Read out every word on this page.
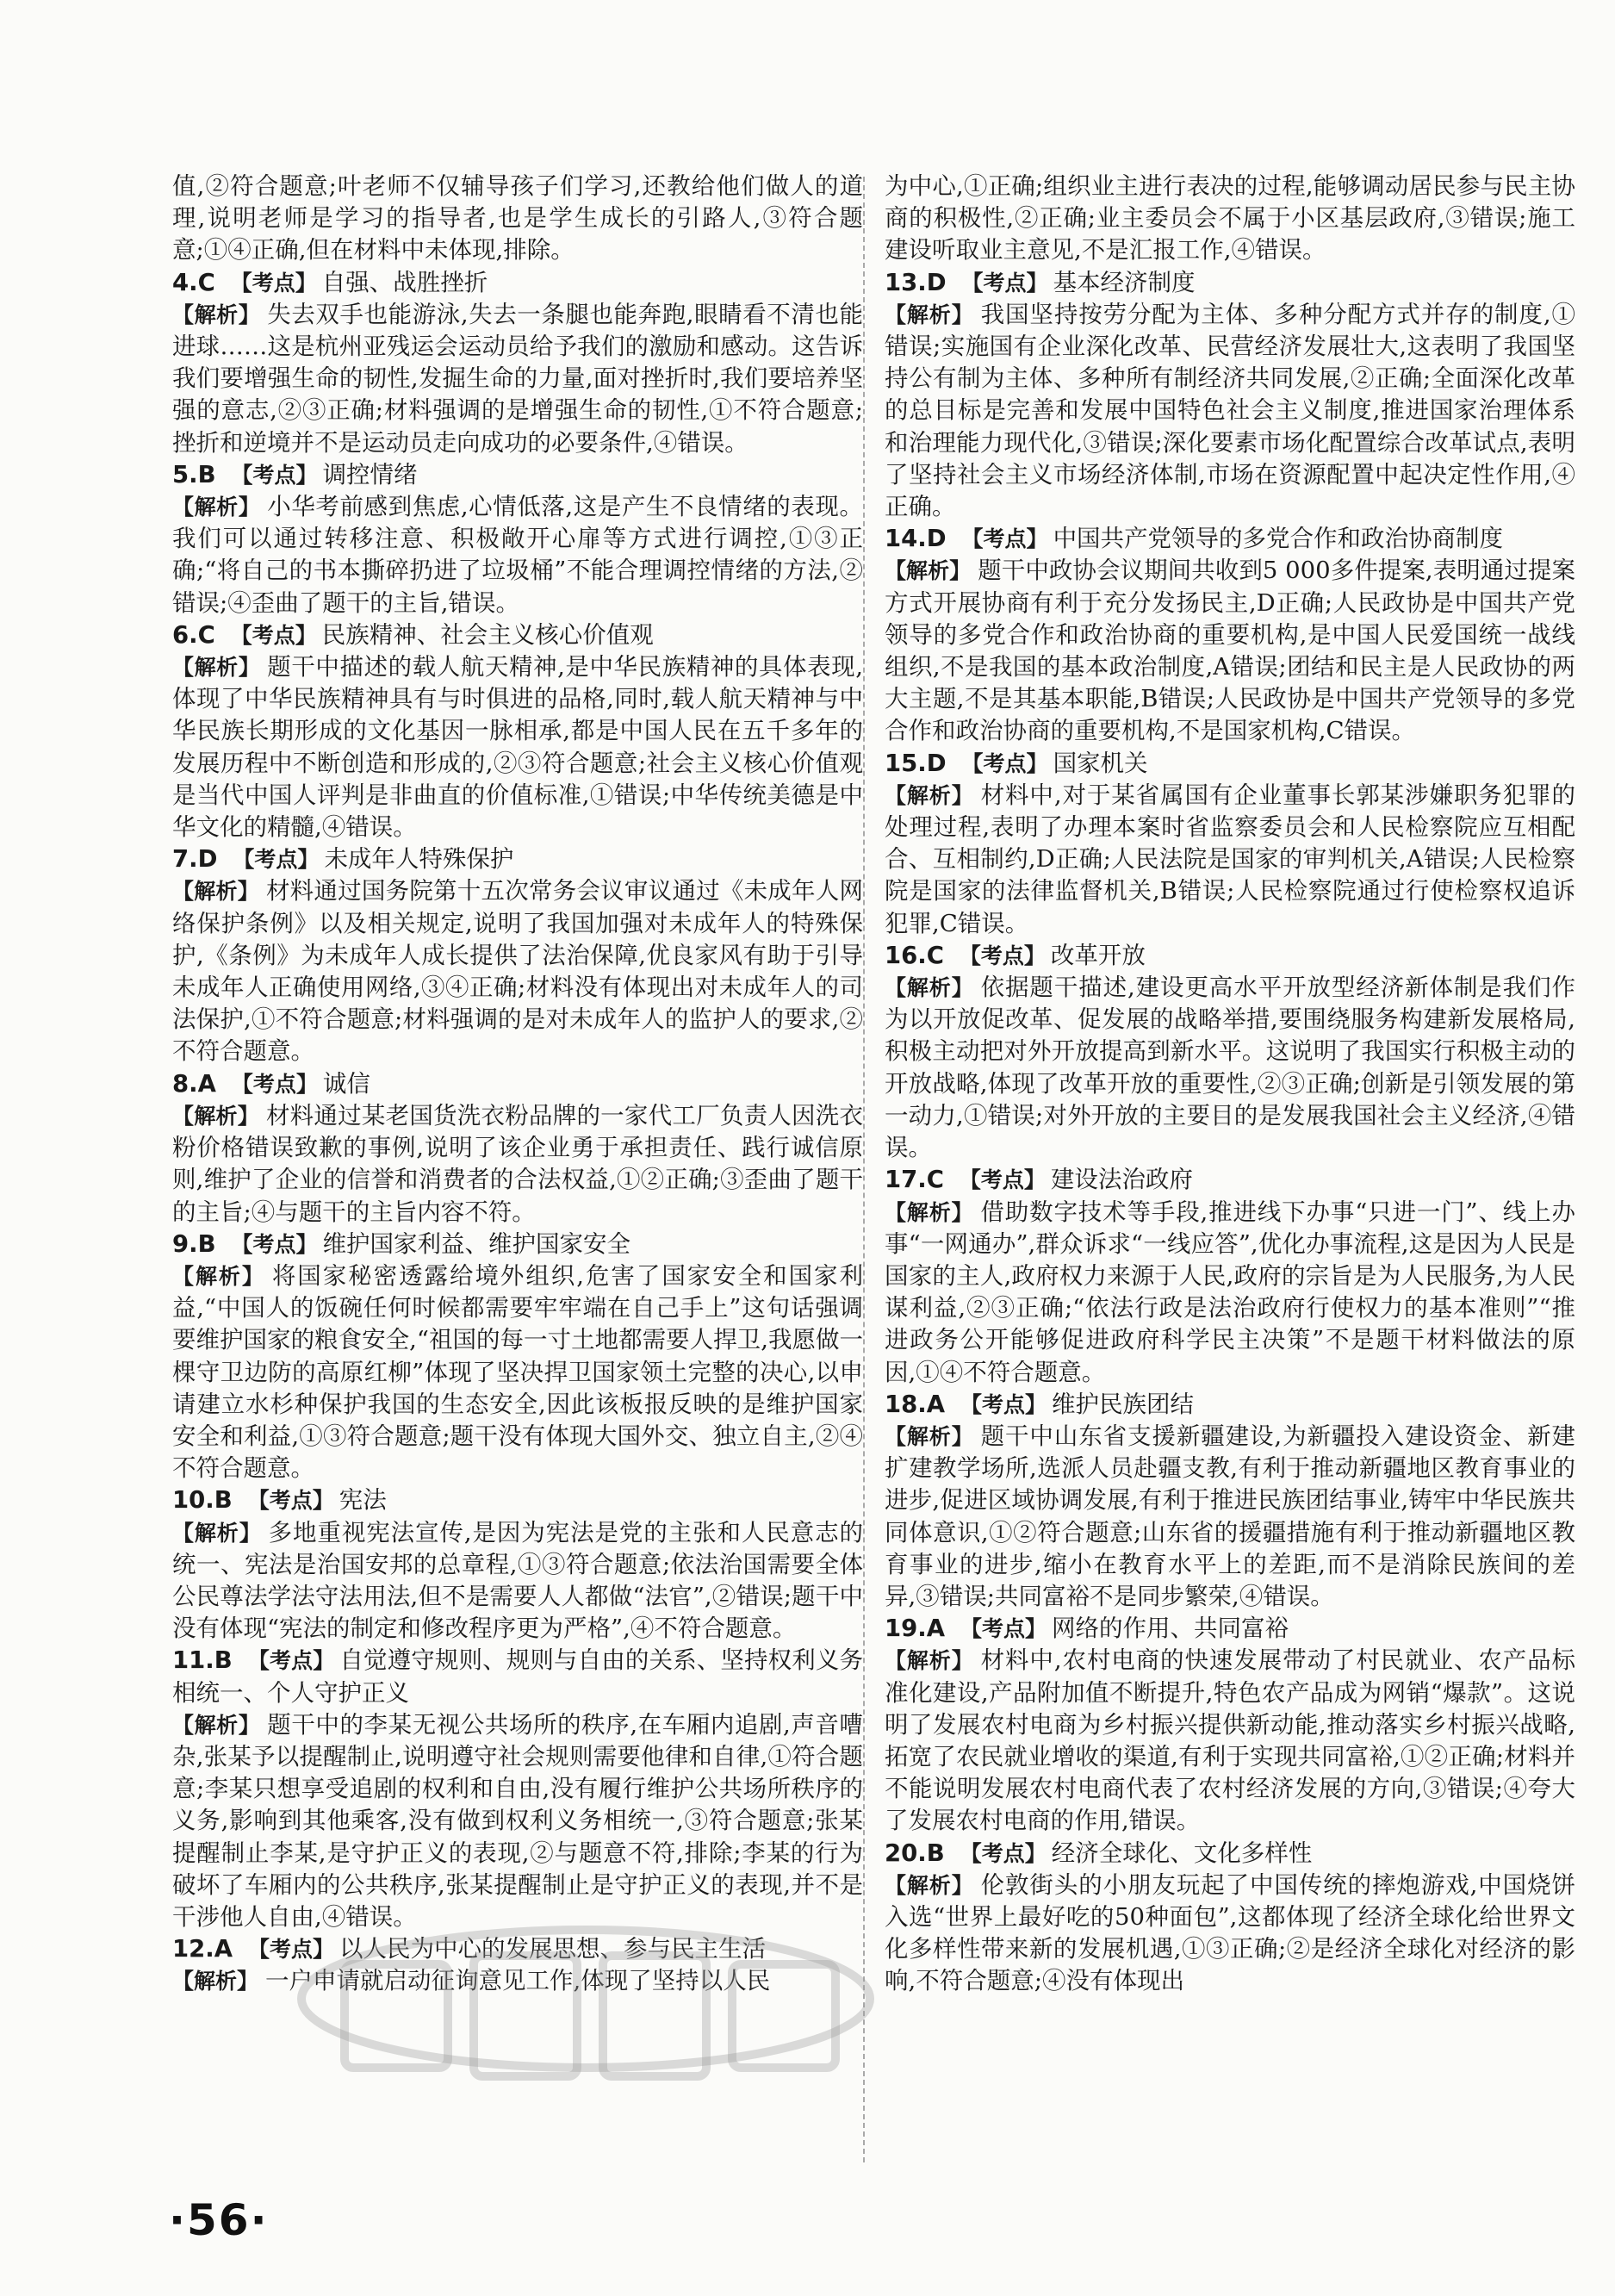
值,②符合题意;叶老师不仅辅导孩子们学习,还教给他们做人的道理,说明老师是学习的指导者,也是学生成长的引路人,③符合题意;①④正确,但在材料中未体现,排除。

4.C 【考点】 自强、战胜挫折

【解析】 失去双手也能游泳,失去一条腿也能奔跑,眼睛看不清也能进球……这是杭州亚残运会运动员给予我们的激励和感动。这告诉我们要增强生命的韧性,发掘生命的力量,面对挫折时,我们要培养坚强的意志,②③正确;材料强调的是增强生命的韧性,①不符合题意;挫折和逆境并不是运动员走向成功的必要条件,④错误。

5.B 【考点】 调控情绪

【解析】 小华考前感到焦虑,心情低落,这是产生不良情绪的表现。我们可以通过转移注意、积极敞开心扉等方式进行调控,①③正确;“将自己的书本撕碎扔进了垃圾桶”不能合理调控情绪的方法,②错误;④歪曲了题干的主旨,错误。

6.C 【考点】 民族精神、社会主义核心价值观

【解析】 题干中描述的载人航天精神,是中华民族精神的具体表现,体现了中华民族精神具有与时俱进的品格,同时,载人航天精神与中华民族长期形成的文化基因一脉相承,都是中国人民在五千多年的发展历程中不断创造和形成的,②③符合题意;社会主义核心价值观是当代中国人评判是非曲直的价值标准,①错误;中华传统美德是中华文化的精髓,④错误。

7.D 【考点】 未成年人特殊保护

【解析】 材料通过国务院第十五次常务会议审议通过《未成年人网络保护条例》以及相关规定,说明了我国加强对未成年人的特殊保护,《条例》为未成年人成长提供了法治保障,优良家风有助于引导未成年人正确使用网络,③④正确;材料没有体现出对未成年人的司法保护,①不符合题意;材料强调的是对未成年人的监护人的要求,②不符合题意。

8.A 【考点】 诚信

【解析】 材料通过某老国货洗衣粉品牌的一家代工厂负责人因洗衣粉价格错误致歉的事例,说明了该企业勇于承担责任、践行诚信原则,维护了企业的信誉和消费者的合法权益,①②正确;③歪曲了题干的主旨;④与题干的主旨内容不符。

9.B 【考点】 维护国家利益、维护国家安全

【解析】 将国家秘密透露给境外组织,危害了国家安全和国家利益,“中国人的饭碗任何时候都需要牢牢端在自己手上”这句话强调要维护国家的粮食安全,“祖国的每一寸土地都需要人捍卫,我愿做一棵守卫边防的高原红柳”体现了坚决捍卫国家领土完整的决心,以申请建立水杉种保护我国的生态安全,因此该板报反映的是维护国家安全和利益,①③符合题意;题干没有体现大国外交、独立自主,②④不符合题意。

10.B 【考点】 宪法

【解析】 多地重视宪法宣传,是因为宪法是党的主张和人民意志的统一、宪法是治国安邦的总章程,①③符合题意;依法治国需要全体公民尊法学法守法用法,但不是需要人人都做“法官”,②错误;题干中没有体现“宪法的制定和修改程序更为严格”,④不符合题意。

11.B 【考点】 自觉遵守规则、规则与自由的关系、坚持权利义务相统一、个人守护正义

【解析】 题干中的李某无视公共场所的秩序,在车厢内追剧,声音嘈杂,张某予以提醒制止,说明遵守社会规则需要他律和自律,①符合题意;李某只想享受追剧的权利和自由,没有履行维护公共场所秩序的义务,影响到其他乘客,没有做到权利义务相统一,③符合题意;张某提醒制止李某,是守护正义的表现,②与题意不符,排除;李某的行为破坏了车厢内的公共秩序,张某提醒制止是守护正义的表现,并不是干涉他人自由,④错误。

12.A 【考点】 以人民为中心的发展思想、参与民主生活

【解析】 一户申请就启动征询意见工作,体现了坚持以人民

为中心,①正确;组织业主进行表决的过程,能够调动居民参与民主协商的积极性,②正确;业主委员会不属于小区基层政府,③错误;施工建设听取业主意见,不是汇报工作,④错误。

13.D 【考点】 基本经济制度

【解析】 我国坚持按劳分配为主体、多种分配方式并存的制度,①错误;实施国有企业深化改革、民营经济发展壮大,这表明了我国坚持公有制为主体、多种所有制经济共同发展,②正确;全面深化改革的总目标是完善和发展中国特色社会主义制度,推进国家治理体系和治理能力现代化,③错误;深化要素市场化配置综合改革试点,表明了坚持社会主义市场经济体制,市场在资源配置中起决定性作用,④正确。

14.D 【考点】 中国共产党领导的多党合作和政治协商制度

【解析】 题干中政协会议期间共收到5 000多件提案,表明通过提案方式开展协商有利于充分发扬民主,D正确;人民政协是中国共产党领导的多党合作和政治协商的重要机构,是中国人民爱国统一战线组织,不是我国的基本政治制度,A错误;团结和民主是人民政协的两大主题,不是其基本职能,B错误;人民政协是中国共产党领导的多党合作和政治协商的重要机构,不是国家机构,C错误。

15.D 【考点】 国家机关

【解析】 材料中,对于某省属国有企业董事长郭某涉嫌职务犯罪的处理过程,表明了办理本案时省监察委员会和人民检察院应互相配合、互相制约,D正确;人民法院是国家的审判机关,A错误;人民检察院是国家的法律监督机关,B错误;人民检察院通过行使检察权追诉犯罪,C错误。

16.C 【考点】 改革开放

【解析】 依据题干描述,建设更高水平开放型经济新体制是我们作为以开放促改革、促发展的战略举措,要围绕服务构建新发展格局,积极主动把对外开放提高到新水平。这说明了我国实行积极主动的开放战略,体现了改革开放的重要性,②③正确;创新是引领发展的第一动力,①错误;对外开放的主要目的是发展我国社会主义经济,④错误。

17.C 【考点】 建设法治政府

【解析】 借助数字技术等手段,推进线下办事“只进一门”、线上办事“一网通办”,群众诉求“一线应答”,优化办事流程,这是因为人民是国家的主人,政府权力来源于人民,政府的宗旨是为人民服务,为人民谋利益,②③正确;“依法行政是法治政府行使权力的基本准则”“推进政务公开能够促进政府科学民主决策”不是题干材料做法的原因,①④不符合题意。

18.A 【考点】 维护民族团结

【解析】 题干中山东省支援新疆建设,为新疆投入建设资金、新建扩建教学场所,选派人员赴疆支教,有利于推动新疆地区教育事业的进步,促进区域协调发展,有利于推进民族团结事业,铸牢中华民族共同体意识,①②符合题意;山东省的援疆措施有利于推动新疆地区教育事业的进步,缩小在教育水平上的差距,而不是消除民族间的差异,③错误;共同富裕不是同步繁荣,④错误。

19.A 【考点】 网络的作用、共同富裕

【解析】 材料中,农村电商的快速发展带动了村民就业、农产品标准化建设,产品附加值不断提升,特色农产品成为网销“爆款”。这说明了发展农村电商为乡村振兴提供新动能,推动落实乡村振兴战略,拓宽了农民就业增收的渠道,有利于实现共同富裕,①②正确;材料并不能说明发展农村电商代表了农村经济发展的方向,③错误;④夸大了发展农村电商的作用,错误。

20.B 【考点】 经济全球化、文化多样性

【解析】 伦敦街头的小朋友玩起了中国传统的摔炮游戏,中国烧饼入选“世界上最好吃的50种面包”,这都体现了经济全球化给世界文化多样性带来新的发展机遇,①③正确;②是经济全球化对经济的影响,不符合题意;④没有体现出

·56·
